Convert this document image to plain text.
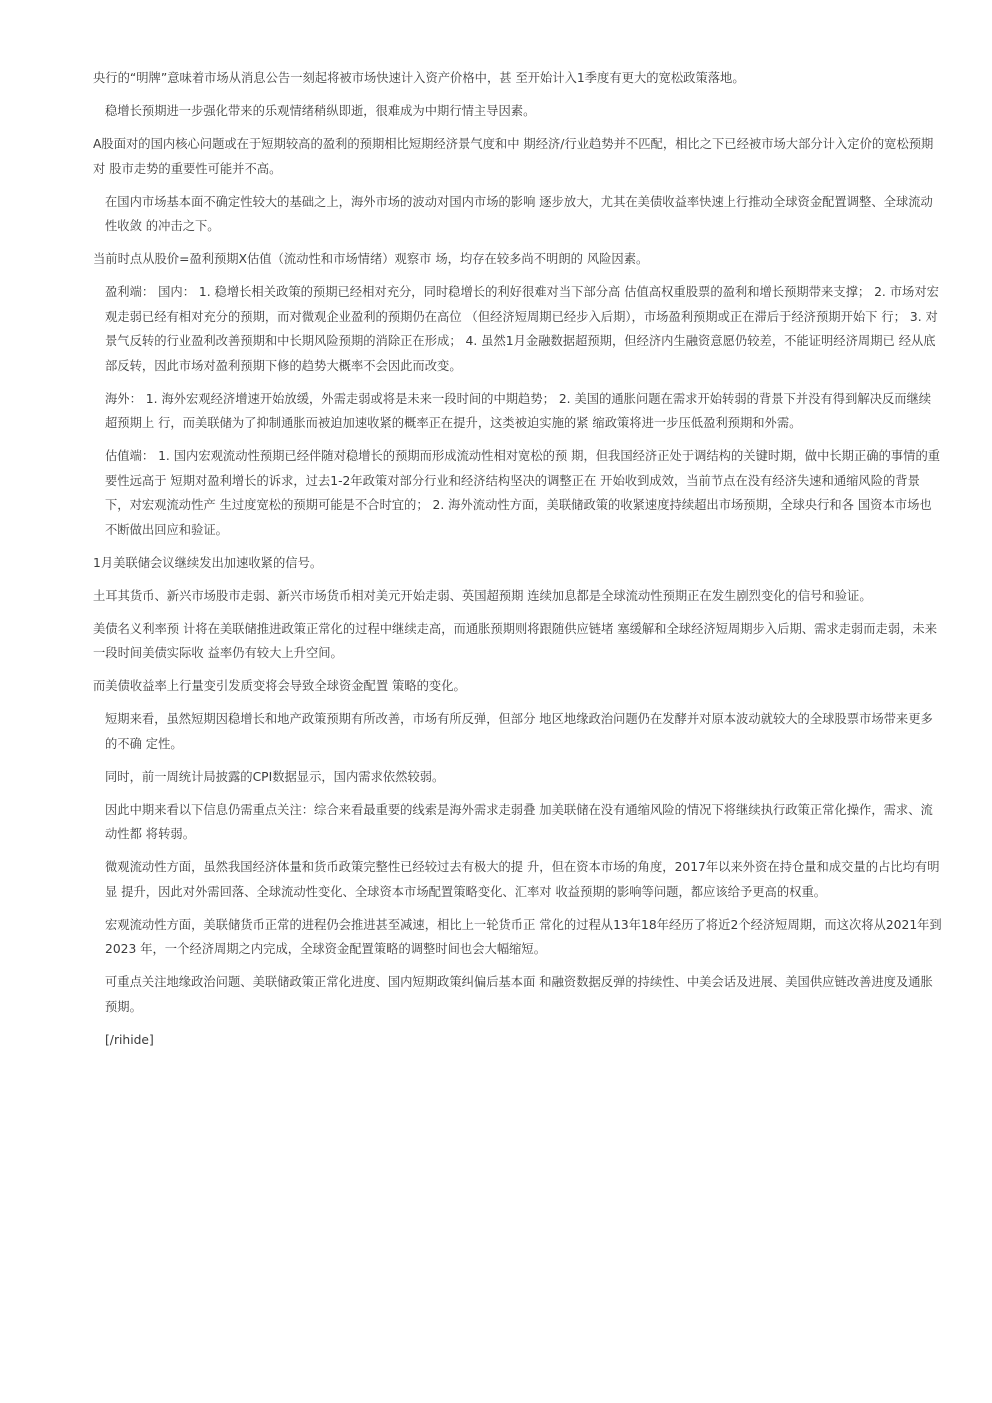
央行的“明牌”意味着市场从消息公告一刻起将被市场快速计入资产价格中，甚 至开始计入1季度有更大的宽松政策落地。

稳增长预期进一步强化带来的乐观情绪稍纵即逝，很难成为中期行情主导因素。

A股面对的国内核心问题或在于短期较高的盈利的预期相比短期经济景气度和中 期经济/行业趋势并不匹配，相比之下已经被市场大部分计入定价的宽松预期对 股市走势的重要性可能并不高。

在国内市场基本面不确定性较大的基础之上，海外市场的波动对国内市场的影响 逐步放大，尤其在美债收益率快速上行推动全球资金配置调整、全球流动性收敛 的冲击之下。

当前时点从股价=盈利预期X估值（流动性和市场情绪）观察市 场，均存在较多尚不明朗的 风险因素。

盈利端： 国内： 1. 稳增长相关政策的预期已经相对充分，同时稳增长的利好很难对当下部分高 估值高权重股票的盈利和增长预期带来支撑； 2. 市场对宏观走弱已经有相对充分的预期，而对微观企业盈利的预期仍在高位 （但经济短周期已经步入后期），市场盈利预期或正在滞后于经济预期开始下 行； 3. 对景气反转的行业盈利改善预期和中长期风险预期的消除正在形成； 4. 虽然1月金融数据超预期，但经济内生融资意愿仍较差，不能证明经济周期已 经从底部反转，因此市场对盈利预期下修的趋势大概率不会因此而改变。

海外： 1. 海外宏观经济增速开始放缓，外需走弱或将是未来一段时间的中期趋势； 2. 美国的通胀问题在需求开始转弱的背景下并没有得到解决反而继续超预期上 行，而美联储为了抑制通胀而被迫加速收紧的概率正在提升，这类被迫实施的紧 缩政策将进一步压低盈利预期和外需。

估值端： 1. 国内宏观流动性预期已经伴随对稳增长的预期而形成流动性相对宽松的预 期，但我国经济正处于调结构的关键时期，做中长期正确的事情的重要性远高于 短期对盈利增长的诉求，过去1-2年政策对部分行业和经济结构坚决的调整正在 开始收到成效，当前节点在没有经济失速和通缩风险的背景下，对宏观流动性产 生过度宽松的预期可能是不合时宜的； 2. 海外流动性方面，美联储政策的收紧速度持续超出市场预期，全球央行和各 国资本市场也不断做出回应和验证。

1月美联储会议继续发出加速收紧的信号。

土耳其货币、新兴市场股市走弱、新兴市场货币相对美元开始走弱、英国超预期 连续加息都是全球流动性预期正在发生剧烈变化的信号和验证。

美债名义利率预 计将在美联储推进政策正常化的过程中继续走高，而通胀预期则将跟随供应链堵 塞缓解和全球经济短周期步入后期、需求走弱而走弱，未来一段时间美债实际收 益率仍有较大上升空间。

而美债收益率上行量变引发质变将会导致全球资金配置 策略的变化。

短期来看，虽然短期因稳增长和地产政策预期有所改善，市场有所反弹，但部分 地区地缘政治问题仍在发酵并对原本波动就较大的全球股票市场带来更多的不确 定性。

同时，前一周统计局披露的CPI数据显示，国内需求依然较弱。

因此中期来看以下信息仍需重点关注：综合来看最重要的线索是海外需求走弱叠 加美联储在没有通缩风险的情况下将继续执行政策正常化操作，需求、流动性都 将转弱。

微观流动性方面，虽然我国经济体量和货币政策完整性已经较过去有极大的提 升，但在资本市场的角度，2017年以来外资在持仓量和成交量的占比均有明显 提升，因此对外需回落、全球流动性变化、全球资本市场配置策略变化、汇率对 收益预期的影响等问题，都应该给予更高的权重。

宏观流动性方面，美联储货币正常的进程仍会推进甚至减速，相比上一轮货币正 常化的过程从13年18年经历了将近2个经济短周期，而这次将从2021年到2023 年，一个经济周期之内完成，全球资金配置策略的调整时间也会大幅缩短。

可重点关注地缘政治问题、美联储政策正常化进度、国内短期政策纠偏后基本面 和融资数据反弹的持续性、中美会话及进展、美国供应链改善进度及通胀预期。

[/rihide]
